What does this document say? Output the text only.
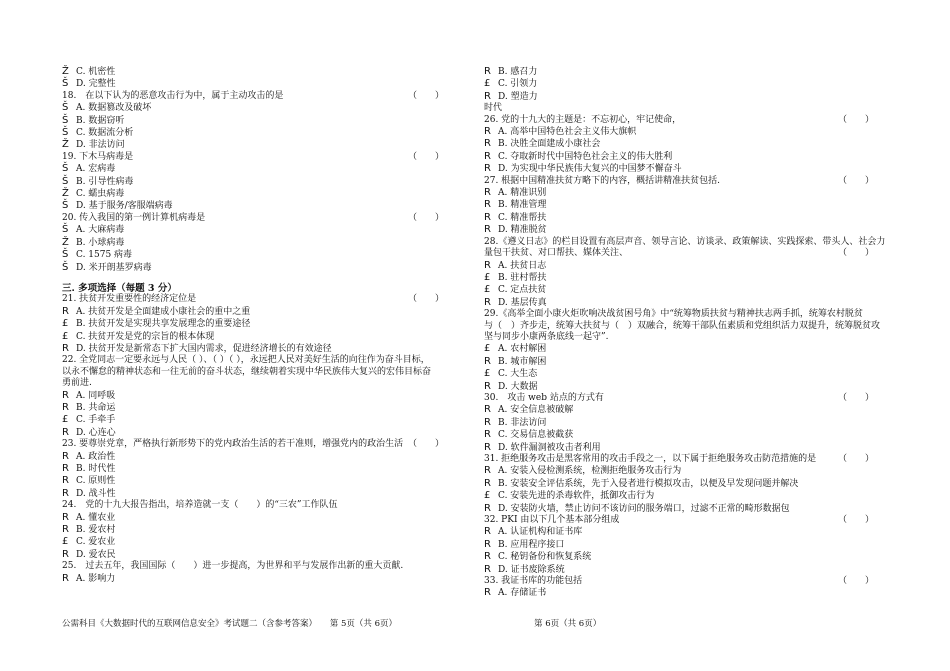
Ž C. 机密性
Š D. 完整性
18.　在以下认为的恶意攻击行为中，属于主动攻击的是	（　　）
Š A. 数据篡改及破坏
Š B. 数据窃听
Š C. 数据流分析
Ž D. 非法访问
19. 下木马病毒是	（　　）
Š A. 宏病毒
Š B. 引导性病毒
Ž C. 蠕虫病毒
Š D. 基于服务/客服端病毒
20. 传入我国的第一例计算机病毒是	（　　）
Š A. 大麻病毒
Ž B. 小球病毒
Š C. 1575 病毒
Š D. 米开朗基罗病毒
三. 多项选择（每题 3 分）
21. 扶贫开发重要性的经济定位是	（　　）
R A. 扶贫开发是全面建成小康社会的重中之重
£ B. 扶贫开发是实现共享发展理念的重要途径
£ C. 扶贫开发是党的宗旨的根本体现
R D. 扶贫开发是新常态下扩大国内需求，促进经济增长的有效途径
22. 全党同志一定要永远与人民（ ）、（ ）（ ），永远把人民对美好生活的向往作为奋斗目标，
以永不懈怠的精神状态和一往无前的奋斗状态，继续朝着实现中华民族伟大复兴的宏伟目标奋
勇前进.
R A. 同呼吸
R B. 共命运
£ C. 手牵手
R D. 心连心
23. 要尊崇党章，严格执行新形势下的党内政治生活的若干准则，增强党内的政治生活 （　　）
R A. 政治性
R B. 时代性
R C. 原则性
R D. 战斗性
24.　党的十九大报告指出，培养造就一支（　　）的“三农”工作队伍
R A. 懂农业
R B. 爱农村
£ C. 爱农业
R D. 爱农民
25.　过去五年，我国国际（　　）进一步提高，为世界和平与发展作出新的重大贡献.
R A. 影响力
R B. 感召力
£ C. 引领力
R D. 塑造力
时代
26. 党的十九大的主题是：不忘初心，牢记使命，	（　　）
R A. 高举中国特色社会主义伟大旗帜
R B. 决胜全面建成小康社会
R C. 夺取新时代中国特色社会主义的伟大胜利
R D. 为实现中华民族伟大复兴的中国梦不懈奋斗
27. 根据中国精准扶贫方略下的内容，概括讲精准扶贫包括.	（　　）
R A. 精准识别
R B. 精准管理
R C. 精准帮扶
R D. 精准脱贫
28.《遵义日志》的栏目设置有高层声音、领导言论、访谈录、政策解读、实践探索、带头人、社会力
量包干扶贫、对口帮扶、媒体关注、	（　　）
R A. 扶贫日志
£ B. 驻村帮扶
£ C. 定点扶贫
R D. 基层传真
29.《高举全面小康火炬吹响决战贫困号角》中“统筹物质扶贫与精神扶志两手抓，统筹农村脱贫
与（　）齐步走，统筹大扶贫与（　）双融合，统筹干部队伍素质和党组织活力双提升，统筹脱贫攻
坚与同步小康两条底线一起守”.
£ A. 农村解困
R B. 城市解困
£ C. 大生态
R D. 大数据
30.　攻击 web 站点的方式有	（　　）
R A. 安全信息被破解
R B. 非法访问
R C. 交易信息被截获
R D. 软件漏洞被攻击者利用
31. 拒绝服务攻击是黑客常用的攻击手段之一，以下属于拒绝服务攻击防范措施的是 （　　）
R A. 安装入侵检测系统，检测拒绝服务攻击行为
R B. 安装安全评估系统，先于入侵者进行模拟攻击，以便及早发现问题并解决
£ C. 安装先进的杀毒软件，抵御攻击行为
R D. 安装防火墙，禁止访问不该访问的服务端口，过滤不正常的畸形数据包
32. PKI 由以下几个基本部分组成	（　　）
R A. 认证机构和证书库
R B. 应用程序接口
R C. 秘钥备份和恢复系统
R D. 证书废除系统
33. 我证书库的功能包括	（　　）
R A. 存储证书
公需科目《大数据时代的互联网信息安全》考试题二（含参考答案）　　第 5页（共 6页）	第 6页（共 6页）
